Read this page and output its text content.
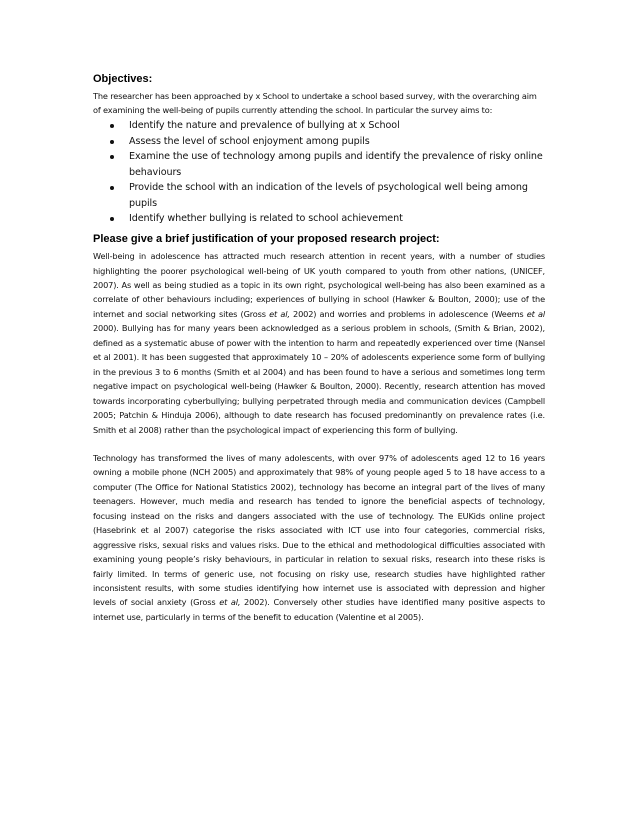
Objectives:

The researcher has been approached by x School to undertake a school based survey, with the overarching aim of examining the well-being of pupils currently attending the school. In particular the survey aims to:

Identify the nature and prevalence of bullying at x School
Assess the level of school enjoyment among pupils
Examine the use of technology among pupils and identify the prevalence of risky online behaviours
Provide the school with an indication of the levels of psychological well being among pupils
Identify whether bullying is related to school achievement
Please give a brief justification of your proposed research project:

Well-being in adolescence has attracted much research attention in recent years, with a number of studies highlighting the poorer psychological well-being of UK youth compared to youth from other nations, (UNICEF, 2007). As well as being studied as a topic in its own right, psychological well-being has also been examined as a correlate of other behaviours including; experiences of bullying in school (Hawker & Boulton, 2000); use of the internet and social networking sites (Gross et al, 2002) and worries and problems in adolescence (Weems et al 2000). Bullying has for many years been acknowledged as a serious problem in schools, (Smith & Brian, 2002), defined as a systematic abuse of power with the intention to harm and repeatedly experienced over time (Nansel et al 2001). It has been suggested that approximately 10 – 20% of adolescents experience some form of bullying in the previous 3 to 6 months (Smith et al 2004) and has been found to have a serious and sometimes long term negative impact on psychological well-being (Hawker & Boulton, 2000). Recently, research attention has moved towards incorporating cyberbullying; bullying perpetrated through media and communication devices (Campbell 2005; Patchin & Hinduja 2006), although to date research has focused predominantly on prevalence rates (i.e. Smith et al 2008) rather than the psychological impact of experiencing this form of bullying.

Technology has transformed the lives of many adolescents, with over 97% of adolescents aged 12 to 16 years owning a mobile phone (NCH 2005) and approximately that 98% of young people aged 5 to 18 have access to a computer (The Office for National Statistics 2002), technology has become an integral part of the lives of many teenagers. However, much media and research has tended to ignore the beneficial aspects of technology, focusing instead on the risks and dangers associated with the use of technology. The EUKids online project (Hasebrink et al 2007) categorise the risks associated with ICT use into four categories, commercial risks, aggressive risks, sexual risks and values risks. Due to the ethical and methodological difficulties associated with examining young people’s risky behaviours, in particular in relation to sexual risks, research into these risks is fairly limited. In terms of generic use, not focusing on risky use, research studies have highlighted rather inconsistent results, with some studies identifying how internet use is associated with depression and higher levels of social anxiety (Gross et al, 2002). Conversely other studies have identified many positive aspects to internet use, particularly in terms of the benefit to education (Valentine et al 2005).
